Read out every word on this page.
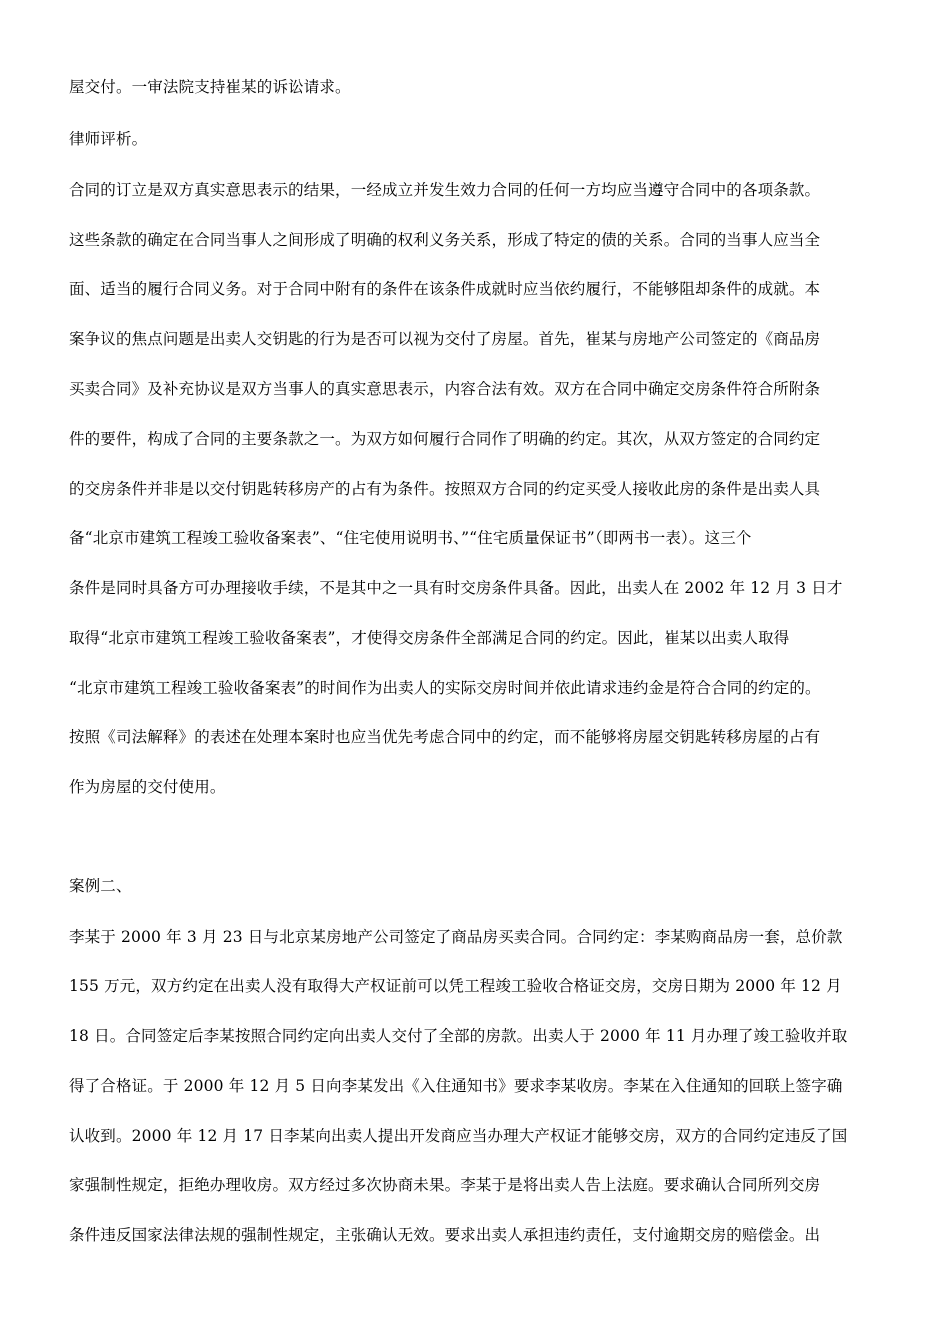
屋交付。一审法院支持崔某的诉讼请求。
律师评析。
合同的订立是双方真实意思表示的结果，一经成立并发生效力合同的任何一方均应当遵守合同中的各项条款。
这些条款的确定在合同当事人之间形成了明确的权利义务关系，形成了特定的债的关系。合同的当事人应当全
面、适当的履行合同义务。对于合同中附有的条件在该条件成就时应当依约履行，不能够阻却条件的成就。本
案争议的焦点问题是出卖人交钥匙的行为是否可以视为交付了房屋。首先，崔某与房地产公司签定的《商品房
买卖合同》及补充协议是双方当事人的真实意思表示，内容合法有效。双方在合同中确定交房条件符合所附条
件的要件，构成了合同的主要条款之一。为双方如何履行合同作了明确的约定。其次，从双方签定的合同约定
的交房条件并非是以交付钥匙转移房产的占有为条件。按照双方合同的约定买受人接收此房的条件是出卖人具
备“北京市建筑工程竣工验收备案表”、“住宅使用说明书、”“住宅质量保证书”（即两书一表）。这三个
条件是同时具备方可办理接收手续，不是其中之一具有时交房条件具备。因此，出卖人在 2002 年 12 月 3 日才
取得“北京市建筑工程竣工验收备案表”，才使得交房条件全部满足合同的约定。因此，崔某以出卖人取得
“北京市建筑工程竣工验收备案表”的时间作为出卖人的实际交房时间并依此请求违约金是符合合同的约定的。
按照《司法解释》的表述在处理本案时也应当优先考虑合同中的约定，而不能够将房屋交钥匙转移房屋的占有
作为房屋的交付使用。
案例二、
李某于 2000 年 3 月 23 日与北京某房地产公司签定了商品房买卖合同。合同约定：李某购商品房一套，总价款
155 万元，双方约定在出卖人没有取得大产权证前可以凭工程竣工验收合格证交房，交房日期为 2000 年 12 月
18 日。合同签定后李某按照合同约定向出卖人交付了全部的房款。出卖人于 2000 年 11 月办理了竣工验收并取
得了合格证。于 2000 年 12 月 5 日向李某发出《入住通知书》要求李某收房。李某在入住通知的回联上签字确
认收到。2000 年 12 月 17 日李某向出卖人提出开发商应当办理大产权证才能够交房，双方的合同约定违反了国
家强制性规定，拒绝办理收房。双方经过多次协商未果。李某于是将出卖人告上法庭。要求确认合同所列交房
条件违反国家法律法规的强制性规定，主张确认无效。要求出卖人承担违约责任，支付逾期交房的赔偿金。出
